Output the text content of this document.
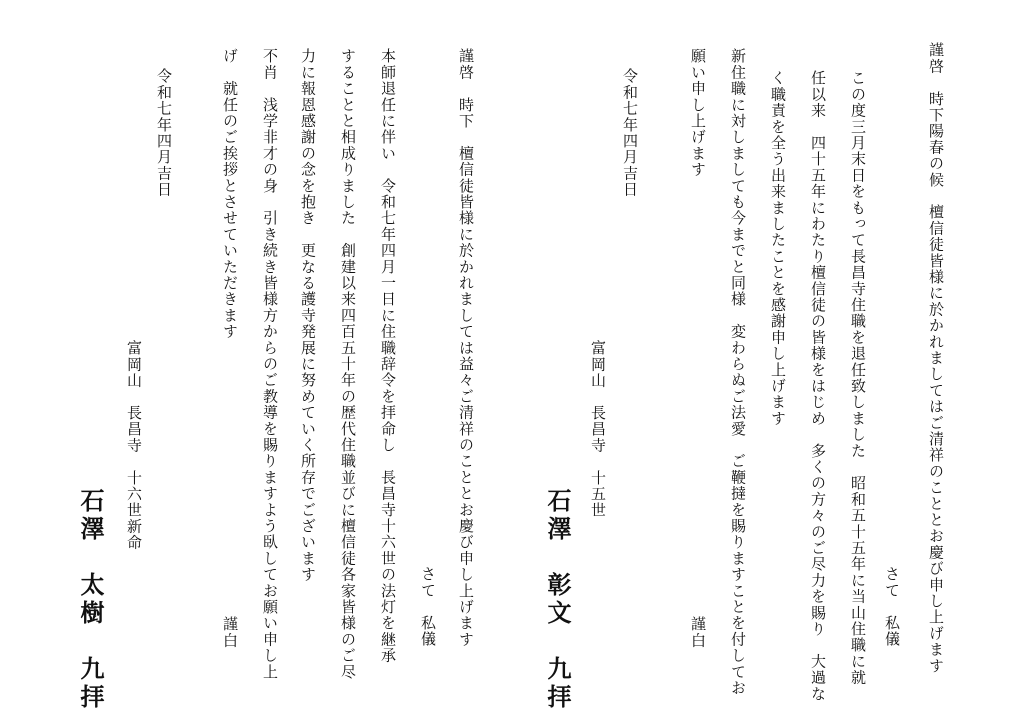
謹啓　時下陽春の候　檀信徒皆様に於かれましてはご清祥のこととお慶び申し上げます
さて　私儀
この度三月末日をもって長昌寺住職を退任致しました　昭和五十五年に当山住職に就
任以来　四十五年にわたり檀信徒の皆様をはじめ　多くの方々のご尽力を賜り　大過な
く職責を全う出来ましたことを感謝申し上げます
新住職に対しましても今までと同様　変わらぬご法愛　ご鞭撻を賜りますことを付してお
願い申し上げます
謹白
令和七年四月吉日
富岡山　長昌寺　十五世
石澤　彰文　九拝
謹啓　時下　檀信徒皆様に於かれましては益々ご清祥のこととお慶び申し上げます
さて　私儀
本師退任に伴い　令和七年四月一日に住職辞令を拝命し　長昌寺十六世の法灯を継承
することと相成りました　創建以来四百五十年の歴代住職並びに檀信徒各家皆様のご尽
力に報恩感謝の念を抱き　更なる護寺発展に努めていく所存でございます
不肖　浅学非才の身　引き続き皆様方からのご教導を賜りますよう臥してお願い申し上
げ　就任のご挨拶とさせていただきます
謹白
令和七年四月吉日
富岡山　長昌寺　十六世新命
石澤　太樹　九拝
